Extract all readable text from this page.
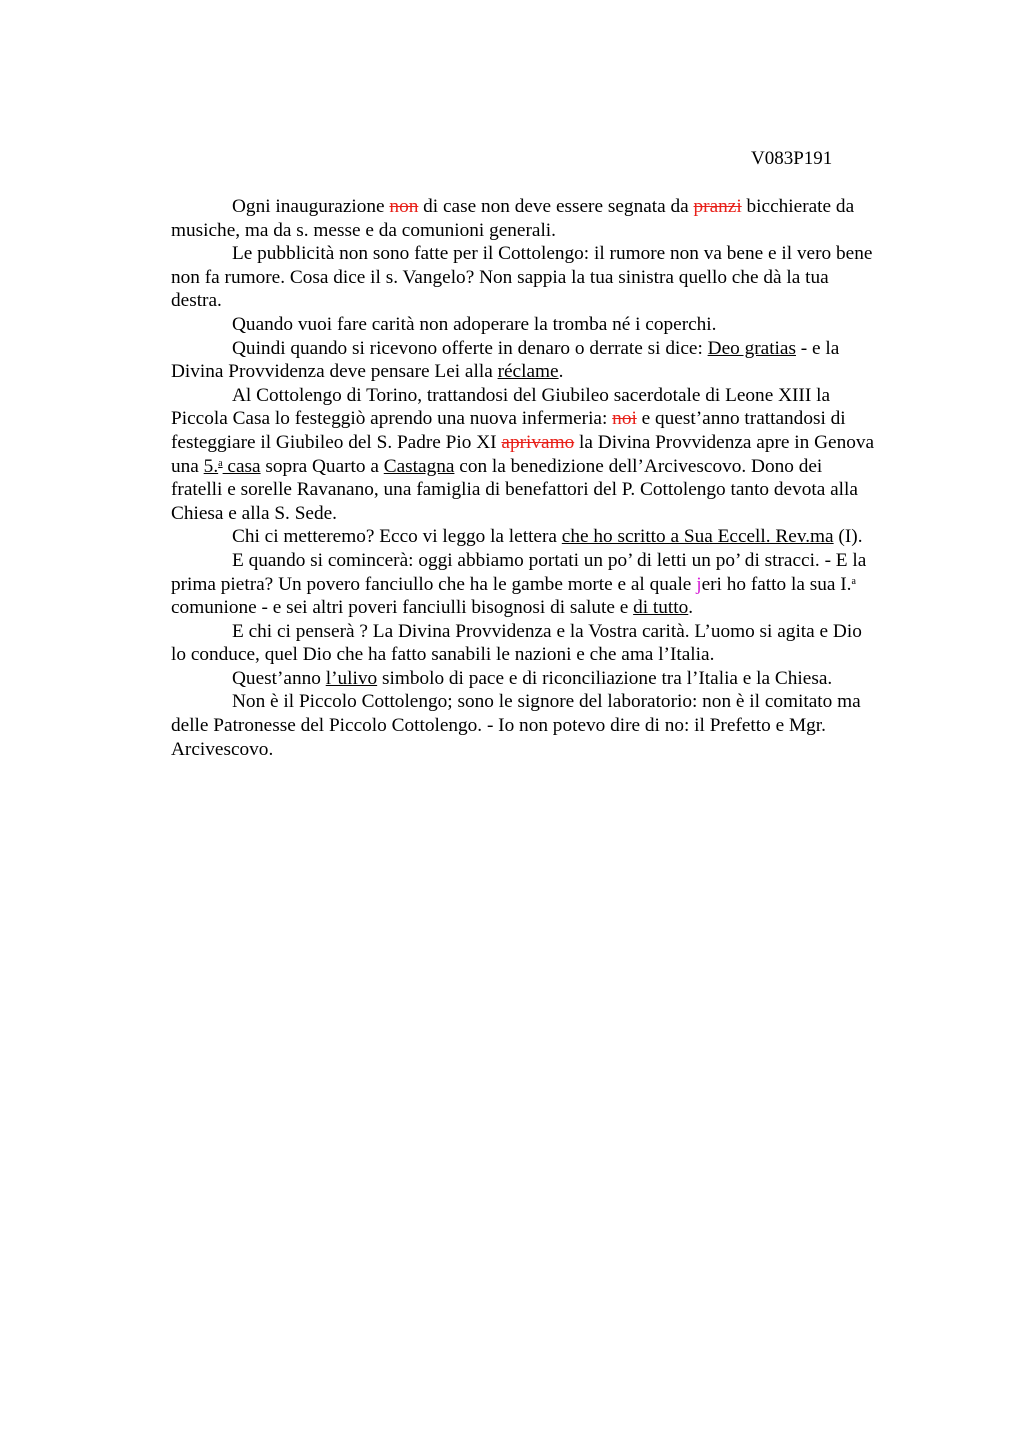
V083P191
Ogni inaugurazione non di case non deve essere segnata da pranzi bicchierate da
musiche, ma da s. messe e da comunioni generali.
Le pubblicità non sono fatte per il Cottolengo: il rumore non va bene e il vero bene
non fa rumore. Cosa dice il s. Vangelo? Non sappia la tua sinistra quello che dà la tua
destra.
Quando vuoi fare carità non adoperare la tromba né i coperchi.
Quindi quando si ricevono offerte in denaro o derrate si dice: Deo gratias - e la
Divina Provvidenza deve pensare Lei alla réclame.
Al Cottolengo di Torino, trattandosi del Giubileo sacerdotale di Leone XIII la
Piccola Casa lo festeggiò aprendo una nuova infermeria: noi e quest’anno trattandosi di
festeggiare il Giubileo del S. Padre Pio XI aprivamo la Divina Provvidenza apre in Genova
una 5.$^a$ casa sopra Quarto a Castagna con la benedizione dell’Arcivescovo. Dono dei
fratelli e sorelle Ravanano, una famiglia di benefattori del P. Cottolengo tanto devota alla
Chiesa e alla S. Sede.
Chi ci metteremo? Ecco vi leggo la lettera che ho scritto a Sua Eccell. Rev.ma (I).
E quando si comincerà: oggi abbiamo portati un po’ di letti un po’ di stracci. - E la
prima pietra? Un povero fanciullo che ha le gambe morte e al quale jeri ho fatto la sua I.$^a$
comunione - e sei altri poveri fanciulli bisognosi di salute e di tutto.
E chi ci penserà ? La Divina Provvidenza e la Vostra carità. L’uomo si agita e Dio
lo conduce, quel Dio che ha fatto sanabili le nazioni e che ama l’Italia.
Quest’anno l’ulivo simbolo di pace e di riconciliazione tra l’Italia e la Chiesa.
Non è il Piccolo Cottolengo; sono le signore del laboratorio: non è il comitato ma
delle Patronesse del Piccolo Cottolengo. - Io non potevo dire di no: il Prefetto e Mgr.
Arcivescovo.
